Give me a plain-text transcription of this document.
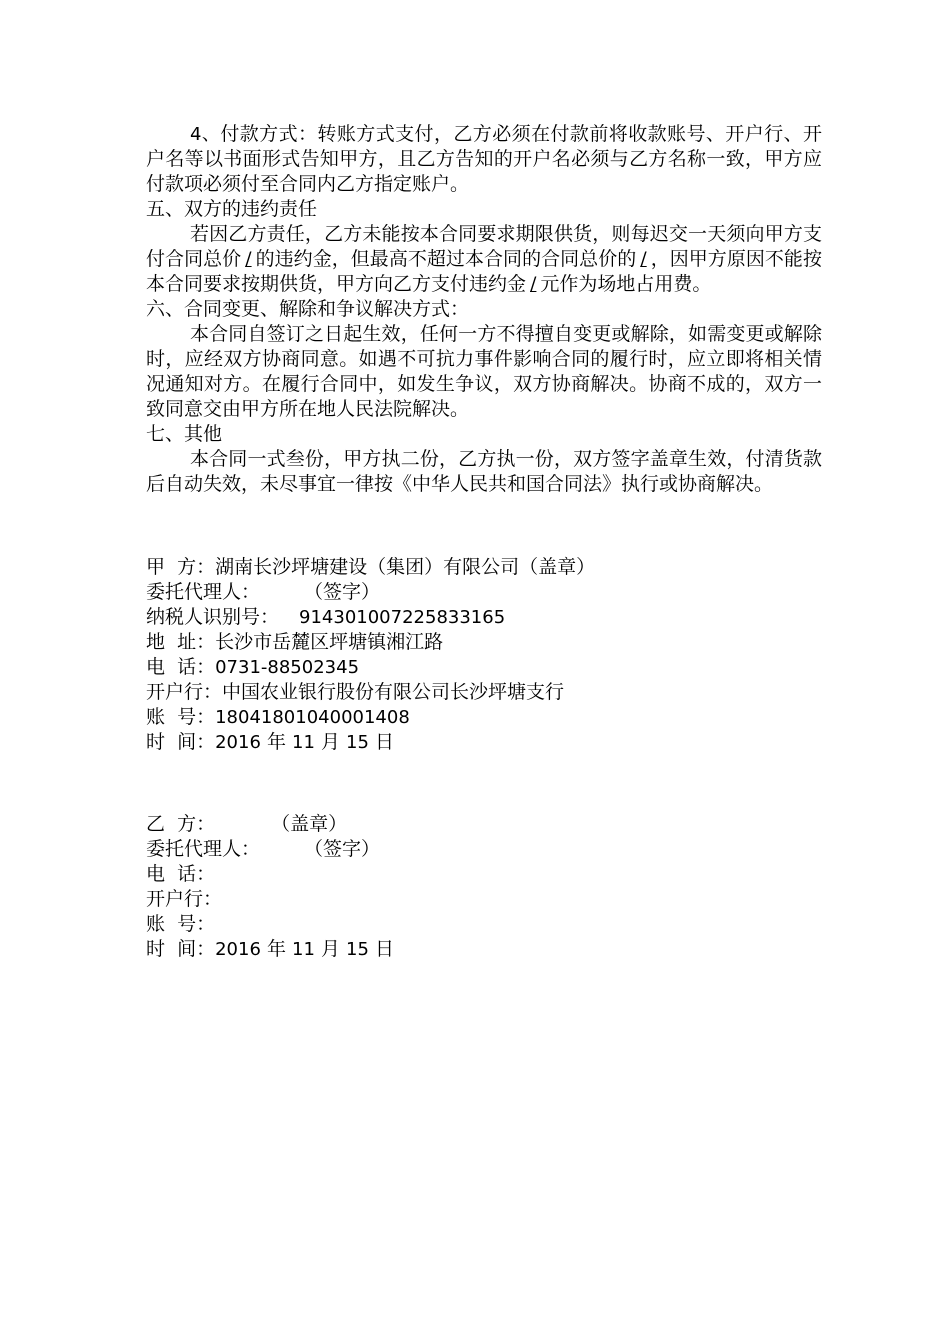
4、付款方式：转账方式支付，乙方必须在付款前将收款账号、开户行、开户名等以书面形式告知甲方，且乙方告知的开户名必须与乙方名称一致，甲方应付款项必须付至合同内乙方指定账户。

五、双方的违约责任

若因乙方责任，乙方未能按本合同要求期限供货，则每迟交一天须向甲方支付合同总价 / 的违约金，但最高不超过本合同的合同总价的 / ，因甲方原因不能按本合同要求按期供货，甲方向乙方支付违约金 / 元作为场地占用费。

六、合同变更、解除和争议解决方式：

本合同自签订之日起生效，任何一方不得擅自变更或解除，如需变更或解除时，应经双方协商同意。如遇不可抗力事件影响合同的履行时，应立即将相关情况通知对方。在履行合同中，如发生争议，双方协商解决。协商不成的，双方一致同意交由甲方所在地人民法院解决。

七、其他

本合同一式叁份，甲方执二份，乙方执一份，双方签字盖章生效，付清货款后自动失效，未尽事宜一律按《中华人民共和国合同法》执行或协商解决。

甲  方：湖南长沙坪塘建设（集团）有限公司（盖章）

委托代理人： （签字）

纳税人识别号： 914301007225833165

地  址：长沙市岳麓区坪塘镇湘江路

电  话：0731-88502345

开户行：中国农业银行股份有限公司长沙坪塘支行

账  号：18041801040001408

时  间：2016 年 11 月 15 日

乙  方：	（盖章）

委托代理人： （签字）

电  话：

开户行：

账  号：

时  间：2016 年 11 月 15 日
